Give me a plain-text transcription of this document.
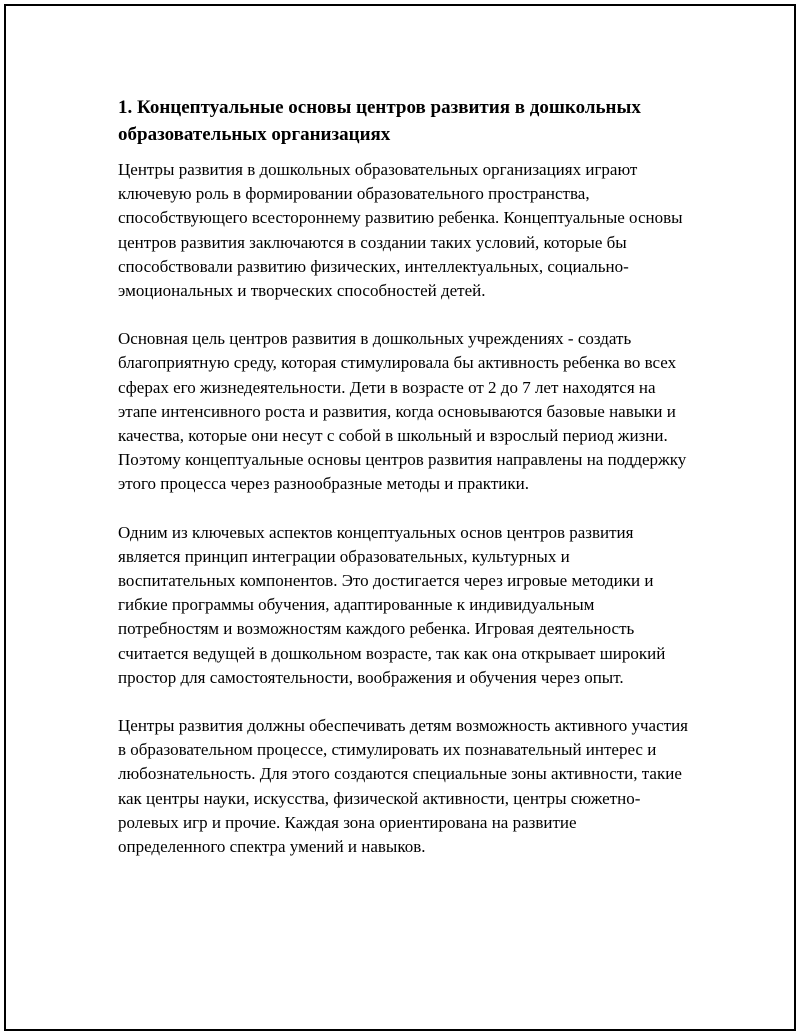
1. Концептуальные основы центров развития в дошкольных образовательных организациях

Центры развития в дошкольных образовательных организациях играют ключевую роль в формировании образовательного пространства, способствующего всестороннему развитию ребенка. Концептуальные основы центров развития заключаются в создании таких условий, которые бы способствовали развитию физических, интеллектуальных, социально-эмоциональных и творческих способностей детей.

Основная цель центров развития в дошкольных учреждениях - создать благоприятную среду, которая стимулировала бы активность ребенка во всех сферах его жизнедеятельности. Дети в возрасте от 2 до 7 лет находятся на этапе интенсивного роста и развития, когда основываются базовые навыки и качества, которые они несут с собой в школьный и взрослый период жизни. Поэтому концептуальные основы центров развития направлены на поддержку этого процесса через разнообразные методы и практики.

Одним из ключевых аспектов концептуальных основ центров развития является принцип интеграции образовательных, культурных и воспитательных компонентов. Это достигается через игровые методики и гибкие программы обучения, адаптированные к индивидуальным потребностям и возможностям каждого ребенка. Игровая деятельность считается ведущей в дошкольном возрасте, так как она открывает широкий простор для самостоятельности, воображения и обучения через опыт.

Центры развития должны обеспечивать детям возможность активного участия в образовательном процессе, стимулировать их познавательный интерес и любознательность. Для этого создаются специальные зоны активности, такие как центры науки, искусства, физической активности, центры сюжетно-ролевых игр и прочие. Каждая зона ориентирована на развитие определенного спектра умений и навыков.
